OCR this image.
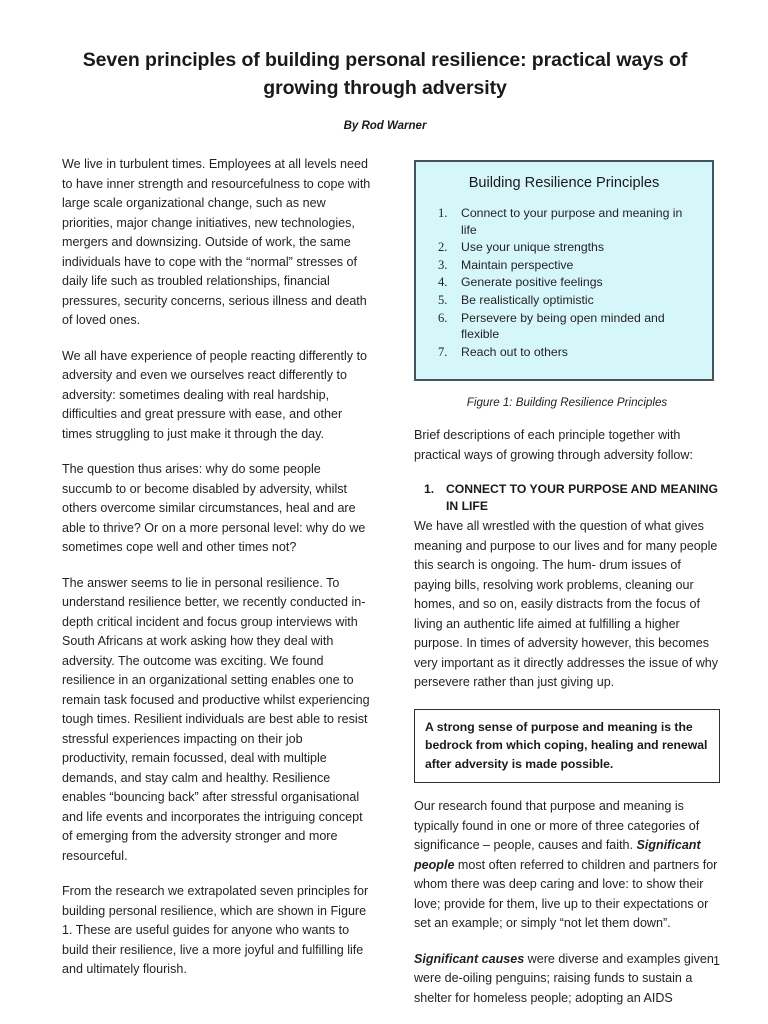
Seven principles of building personal resilience: practical ways of growing through adversity
By Rod Warner

We live in turbulent times. Employees at all levels need to have inner strength and resourcefulness to cope with large scale organizational change, such as new priorities, major change initiatives, new technologies, mergers and downsizing. Outside of work, the same individuals have to cope with the “normal” stresses of daily life such as troubled relationships, financial pressures, security concerns, serious illness and death of loved ones.

We all have experience of people reacting differently to adversity and even we ourselves react differently to adversity: sometimes dealing with real hardship, difficulties and great pressure with ease, and other times struggling to just make it through the day.

The question thus arises: why do some people succumb to or become disabled by adversity, whilst others overcome similar circumstances, heal and are able to thrive? Or on a more personal level: why do we sometimes cope well and other times not?

The answer seems to lie in personal resilience. To understand resilience better, we recently conducted in-depth critical incident and focus group interviews with South Africans at work asking how they deal with adversity. The outcome was exciting. We found resilience in an organizational setting enables one to remain task focused and productive whilst experiencing tough times. Resilient individuals are best able to resist stressful experiences impacting on their job productivity, remain focussed, deal with multiple demands, and stay calm and healthy. Resilience enables “bouncing back” after stressful organisational and life events and incorporates the intriguing concept of emerging from the adversity stronger and more resourceful.

From the research we extrapolated seven principles for building personal resilience, which are shown in Figure 1. These are useful guides for anyone who wants to build their resilience, live a more joyful and fulfilling life and ultimately flourish.

Building Resilience Principles
Connect to your purpose and meaning in life
Use your unique strengths
Maintain perspective
Generate positive feelings
Be realistically optimistic
Persevere by being open minded and flexible
Reach out to others
Figure 1: Building Resilience Principles

Brief descriptions of each principle together with practical ways of growing through adversity follow:

1. CONNECT TO YOUR PURPOSE AND MEANING IN LIFE

We have all wrestled with the question of what gives meaning and purpose to our lives and for many people this search is ongoing. The hum- drum issues of paying bills, resolving work problems, cleaning our homes, and so on, easily distracts from the focus of living an authentic life aimed at fulfilling a higher purpose. In times of adversity however, this becomes very important as it directly addresses the issue of why persevere rather than just giving up.

A strong sense of purpose and meaning is the bedrock from which coping, healing and renewal after adversity is made possible.

Our research found that purpose and meaning is typically found in one or more of three categories of significance – people, causes and faith. Significant people most often referred to children and partners for whom there was deep caring and love: to show their love; provide for them, live up to their expectations or set an example; or simply “not let them down”.

Significant causes were diverse and examples given were de-oiling penguins; raising funds to sustain a shelter for homeless people; adopting an AIDS

1
